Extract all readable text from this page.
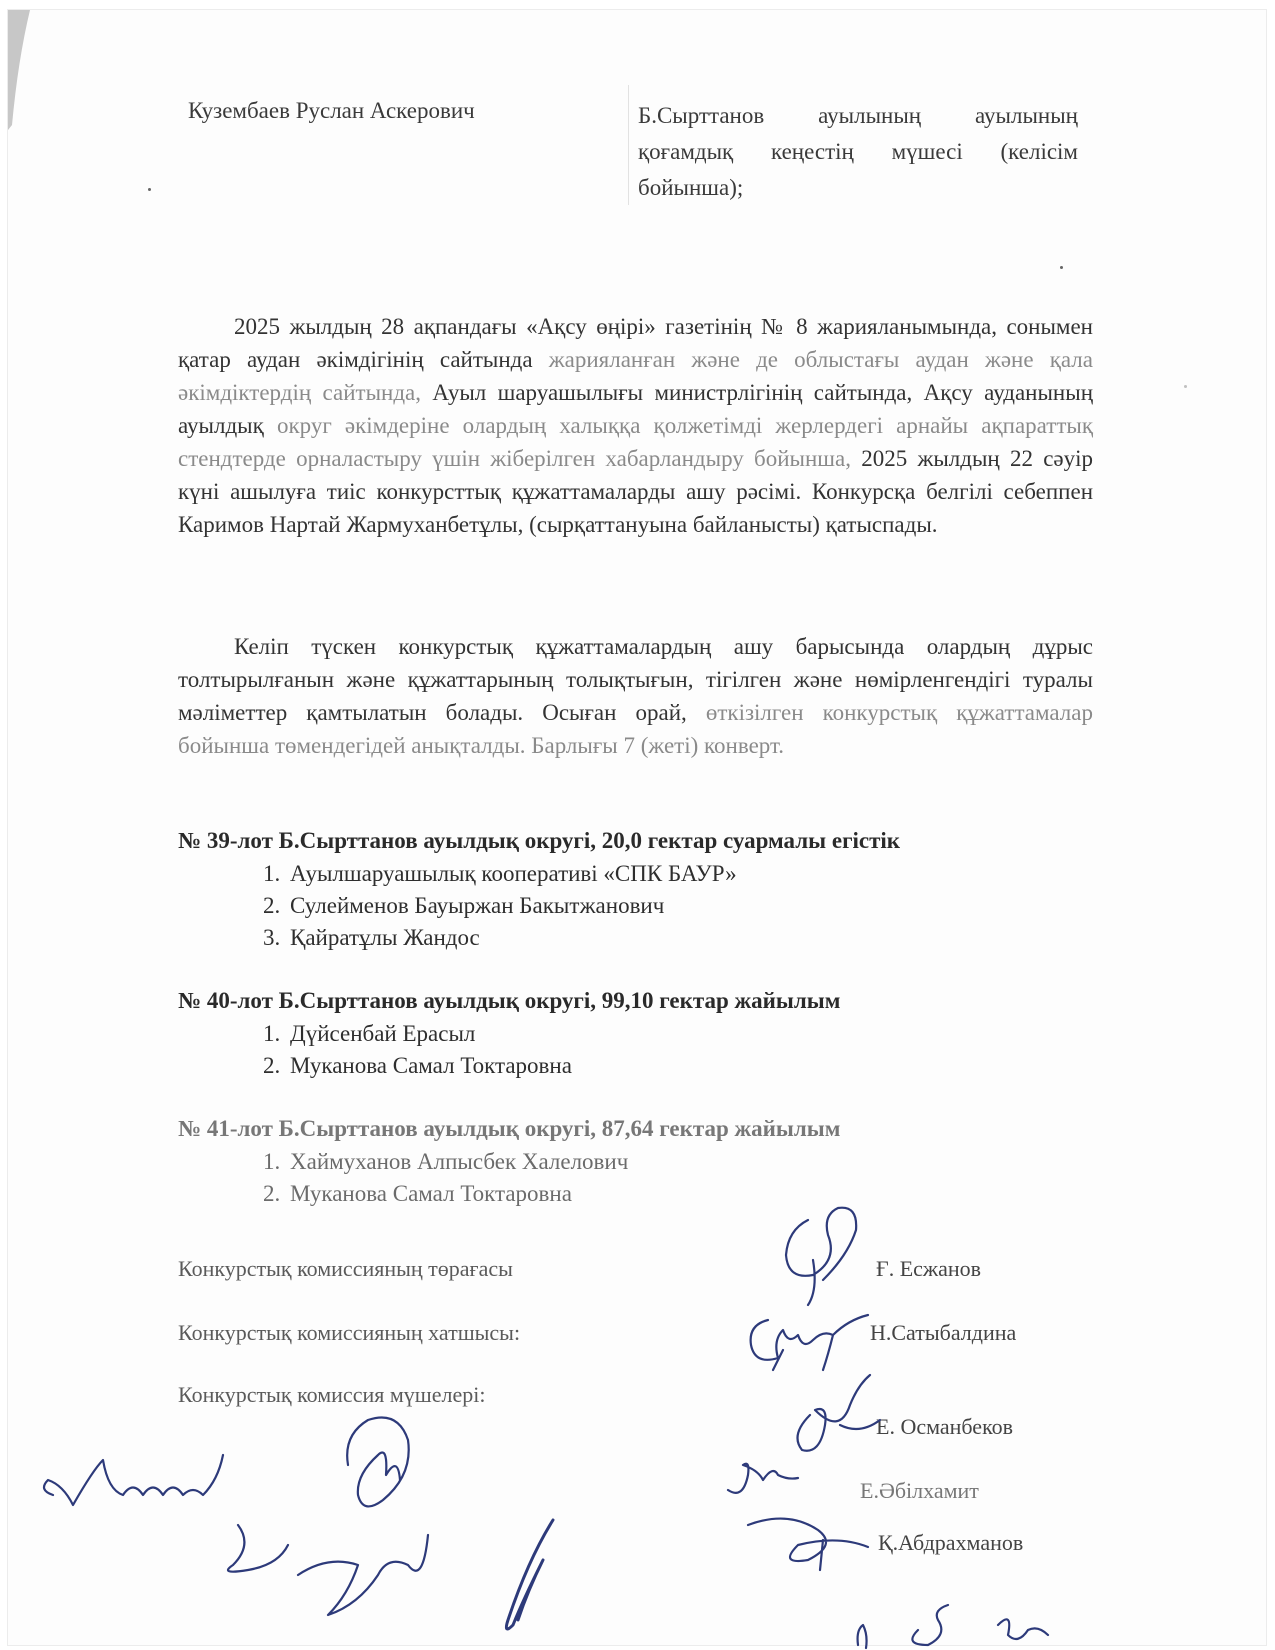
Кузембаев Руслан Аскерович	Б.Сырттанов ауылының ауылының қоғамдық кеңестің мүшесі (келісім бойынша);
2025 жылдың 28 ақпандағы «Ақсу өңірі» газетінің № 8 жарияланымында, сонымен қатар аудан әкімдігінің сайтында жарияланған және де облыстағы аудан және қала әкімдіктердің сайтында, Ауыл шаруашылығы министрлігінің сайтында, Ақсу ауданының ауылдық округ әкімдеріне олардың халыққа қолжетімді жерлердегі арнайы ақпараттық стендтерде орналастыру үшін жіберілген хабарландыру бойынша, 2025 жылдың 22 сәуір күні ашылуға тиіс конкурсттық құжаттамаларды ашу рәсімі. Конкурсқа белгілі себеппен Каримов Нартай Жармуханбетұлы, (сырқаттануына байланысты) қатыспады.
Келіп түскен конкурстық құжаттамалардың ашу барысында олардың дұрыс толтырылғанын және құжаттарының толықтығын, тігілген және нөмірленгендігі туралы мәліметтер қамтылатын болады. Осыған орай, өткізілген конкурстық құжаттамалар бойынша төмендегідей анықталды. Барлығы 7 (жеті) конверт.
№ 39-лот Б.Сырттанов ауылдық округі, 20,0 гектар суармалы егістік
1. Ауылшаруашылық кооперативі «СПК БАУР»
2. Сулейменов Бауыржан Бакытжанович
3. Қайратұлы Жандос
№ 40-лот Б.Сырттанов ауылдық округі, 99,10 гектар жайылым
1. Дүйсенбай Ерасыл
2. Муканова Самал Токтаровна
№ 41-лот Б.Сырттанов ауылдық округі, 87,64 гектар жайылым
1. Хаймуханов Алпысбек Халелович
2. Муканова Самал Токтаровна
Конкурстық комиссияның төрағасы	Ғ. Есжанов
Конкурстық комиссияның хатшысы:	Н.Сатыбалдина
Конкурстық комиссия мүшелері:
Е. Османбеков
Е.Әбілхамит
Қ.Абдрахманов
